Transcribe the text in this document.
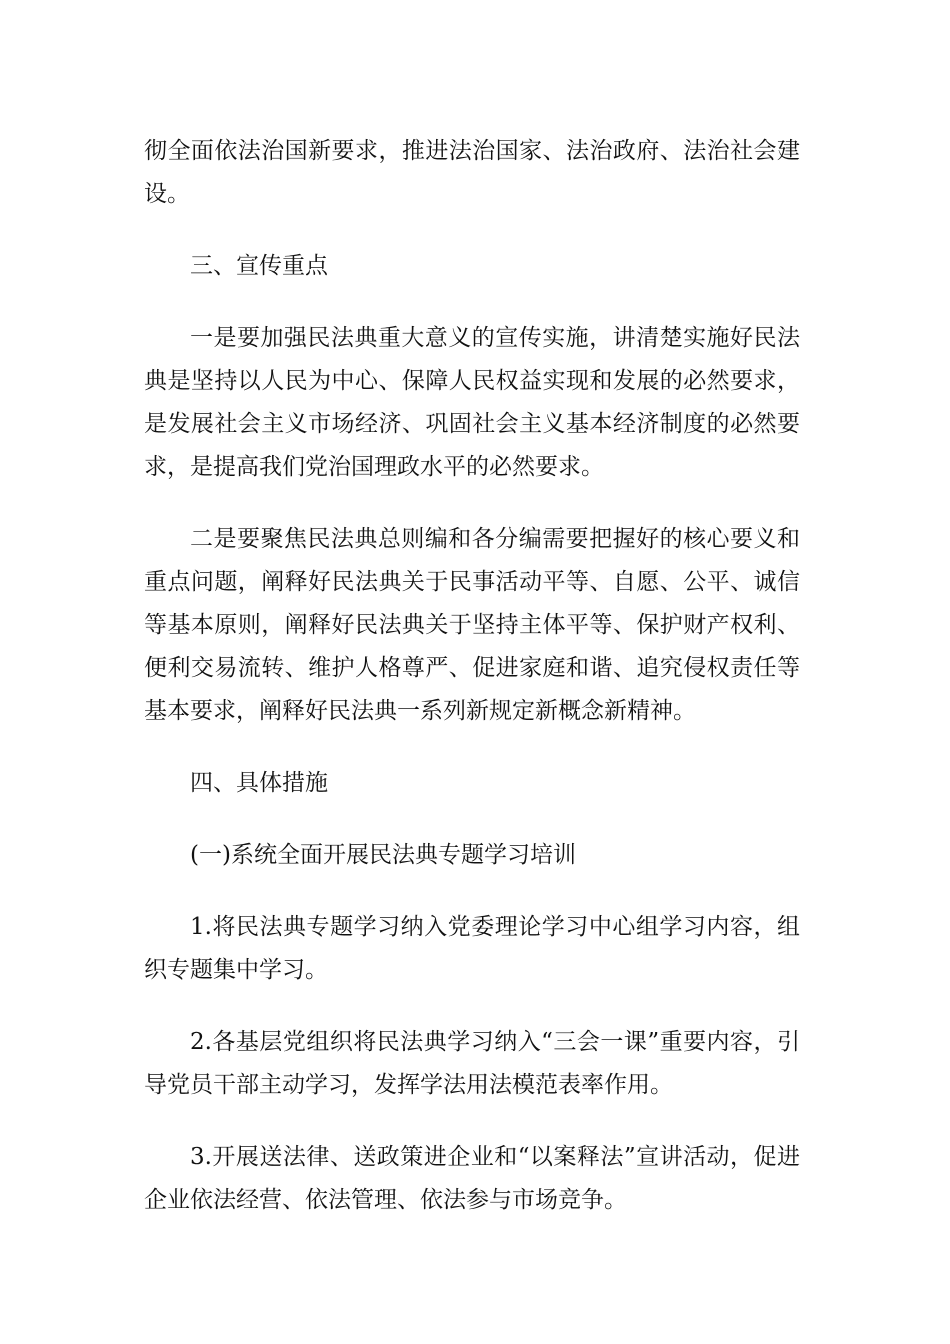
彻全面依法治国新要求，推进法治国家、法治政府、法治社会建设。

三、宣传重点

一是要加强民法典重大意义的宣传实施，讲清楚实施好民法典是坚持以人民为中心、保障人民权益实现和发展的必然要求，是发展社会主义市场经济、巩固社会主义基本经济制度的必然要求，是提高我们党治国理政水平的必然要求。

二是要聚焦民法典总则编和各分编需要把握好的核心要义和重点问题，阐释好民法典关于民事活动平等、自愿、公平、诚信等基本原则，阐释好民法典关于坚持主体平等、保护财产权利、便利交易流转、维护人格尊严、促进家庭和谐、追究侵权责任等基本要求，阐释好民法典一系列新规定新概念新精神。

四、具体措施

(一)系统全面开展民法典专题学习培训

1.将民法典专题学习纳入党委理论学习中心组学习内容，组织专题集中学习。

2.各基层党组织将民法典学习纳入“三会一课”重要内容，引导党员干部主动学习，发挥学法用法模范表率作用。

3.开展送法律、送政策进企业和“以案释法”宣讲活动，促进企业依法经营、依法管理、依法参与市场竞争。
